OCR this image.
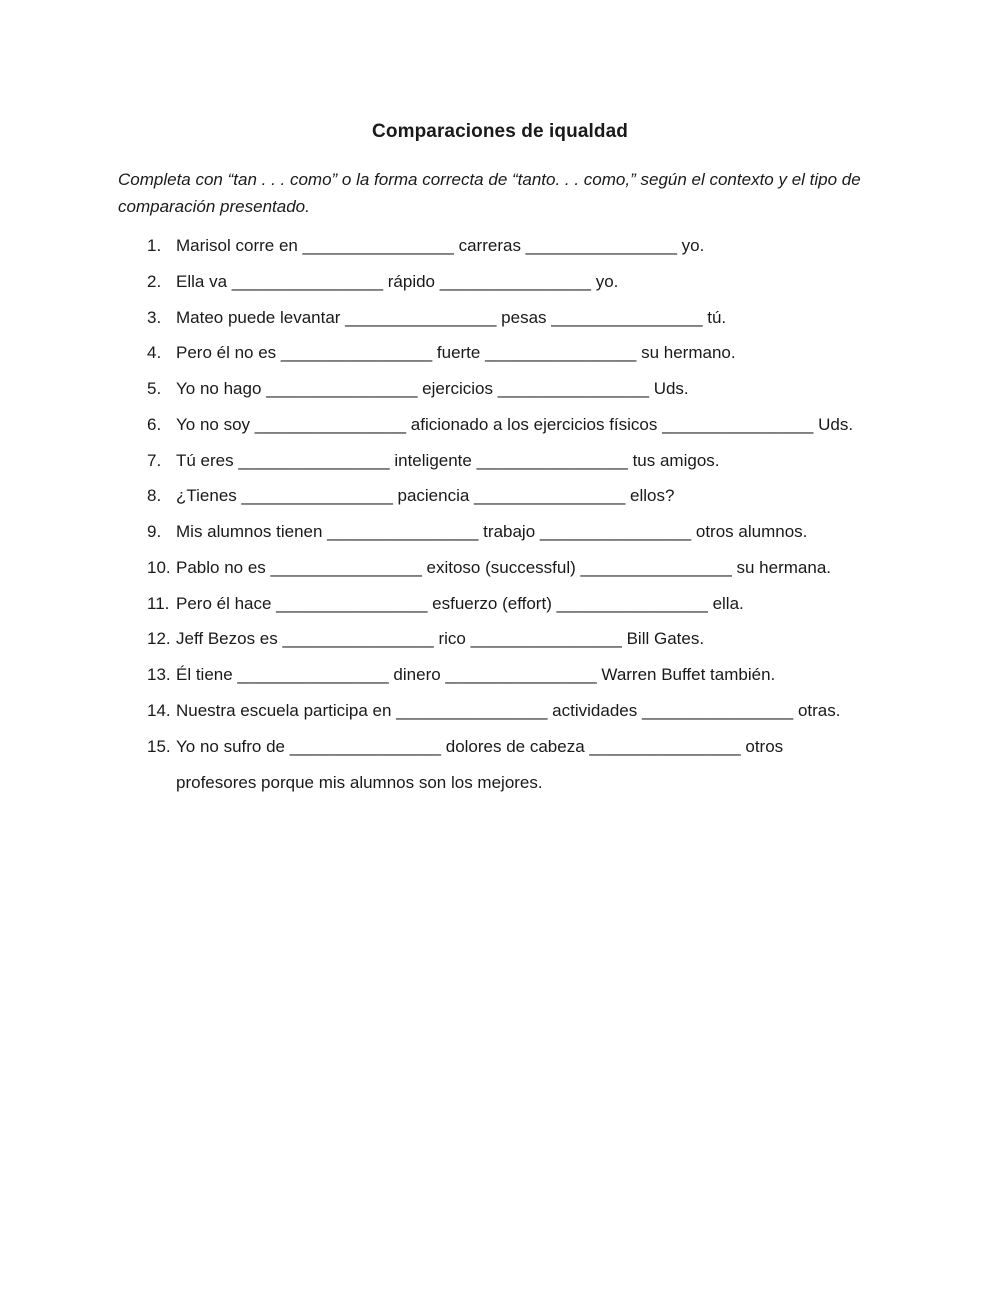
Comparaciones de iqualdad
Completa con “tan . . . como” o la forma correcta de “tanto. . . como,” según el contexto y el tipo de comparación presentado.
1. Marisol corre en ________________ carreras ________________ yo.
2. Ella va ________________ rápido ________________ yo.
3. Mateo puede levantar ________________ pesas ________________ tú.
4. Pero él no es ________________ fuerte ________________ su hermano.
5. Yo no hago ________________ ejercicios ________________ Uds.
6. Yo no soy ________________ aficionado a los ejercicios físicos ________________ Uds.
7. Tú eres ________________ inteligente ________________ tus amigos.
8. ¿Tienes ________________ paciencia ________________ ellos?
9. Mis alumnos tienen ________________ trabajo ________________ otros alumnos.
10. Pablo no es ________________ exitoso (successful) ________________ su hermana.
11. Pero él hace ________________ esfuerzo (effort) ________________ ella.
12. Jeff Bezos es ________________ rico ________________ Bill Gates.
13. Él tiene ________________ dinero ________________ Warren Buffet también.
14. Nuestra escuela participa en ________________ actividades ________________ otras.
15. Yo no sufro de ________________ dolores de cabeza ________________ otros profesores porque mis alumnos son los mejores.
